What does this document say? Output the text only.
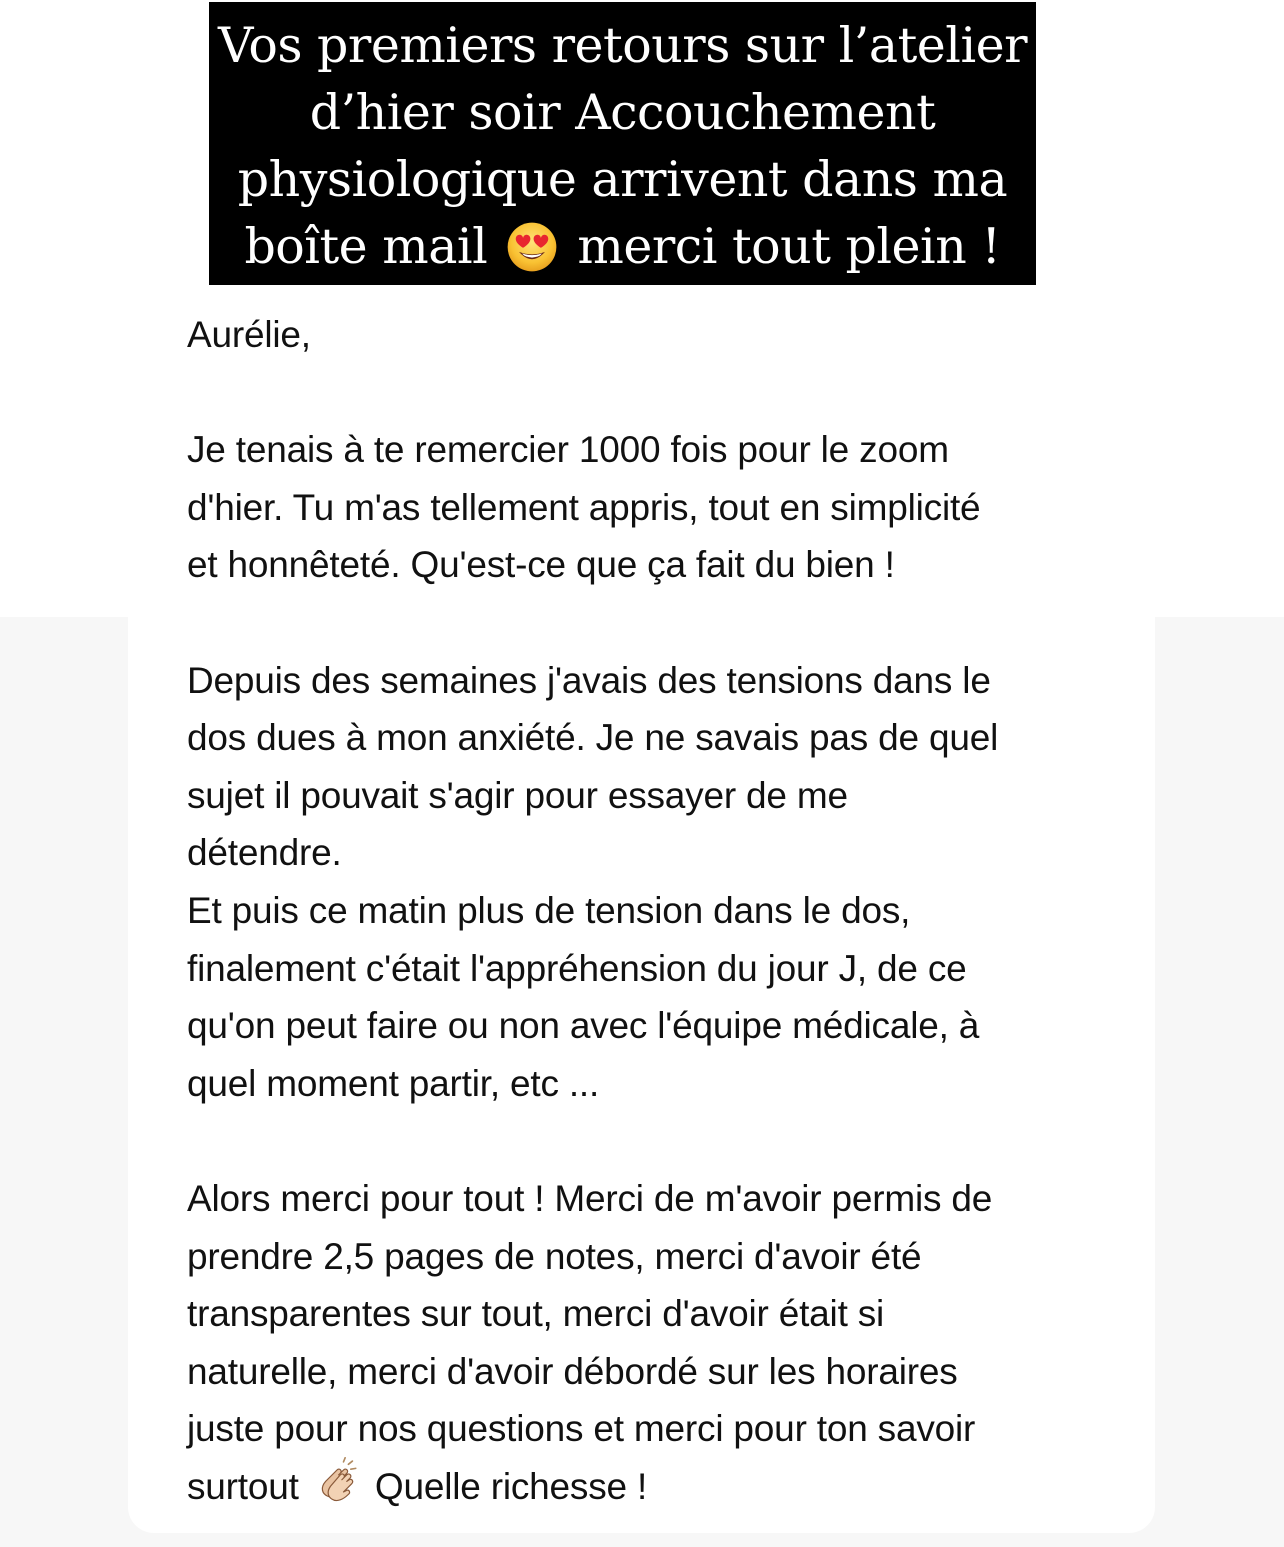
Vos premiers retours sur l’atelier
d’hier soir Accouchement
physiologique arrivent dans ma
boîte mail  merci tout plein !
Aurélie,
Je tenais à te remercier 1000 fois pour le zoom
d'hier. Tu m'as tellement appris, tout en simplicité
et honnêteté. Qu'est-ce que ça fait du bien !
Depuis des semaines j'avais des tensions dans le
dos dues à mon anxiété. Je ne savais pas de quel
sujet il pouvait s'agir pour essayer de me
détendre.
Et puis ce matin plus de tension dans le dos,
finalement c'était l'appréhension du jour J, de ce
qu'on peut faire ou non avec l'équipe médicale, à
quel moment partir, etc ...
Alors merci pour tout ! Merci de m'avoir permis de
prendre 2,5 pages de notes, merci d'avoir été
transparentes sur tout, merci d'avoir était si
naturelle, merci d'avoir débordé sur les horaires
juste pour nos questions et merci pour ton savoir
surtout  Quelle richesse !
